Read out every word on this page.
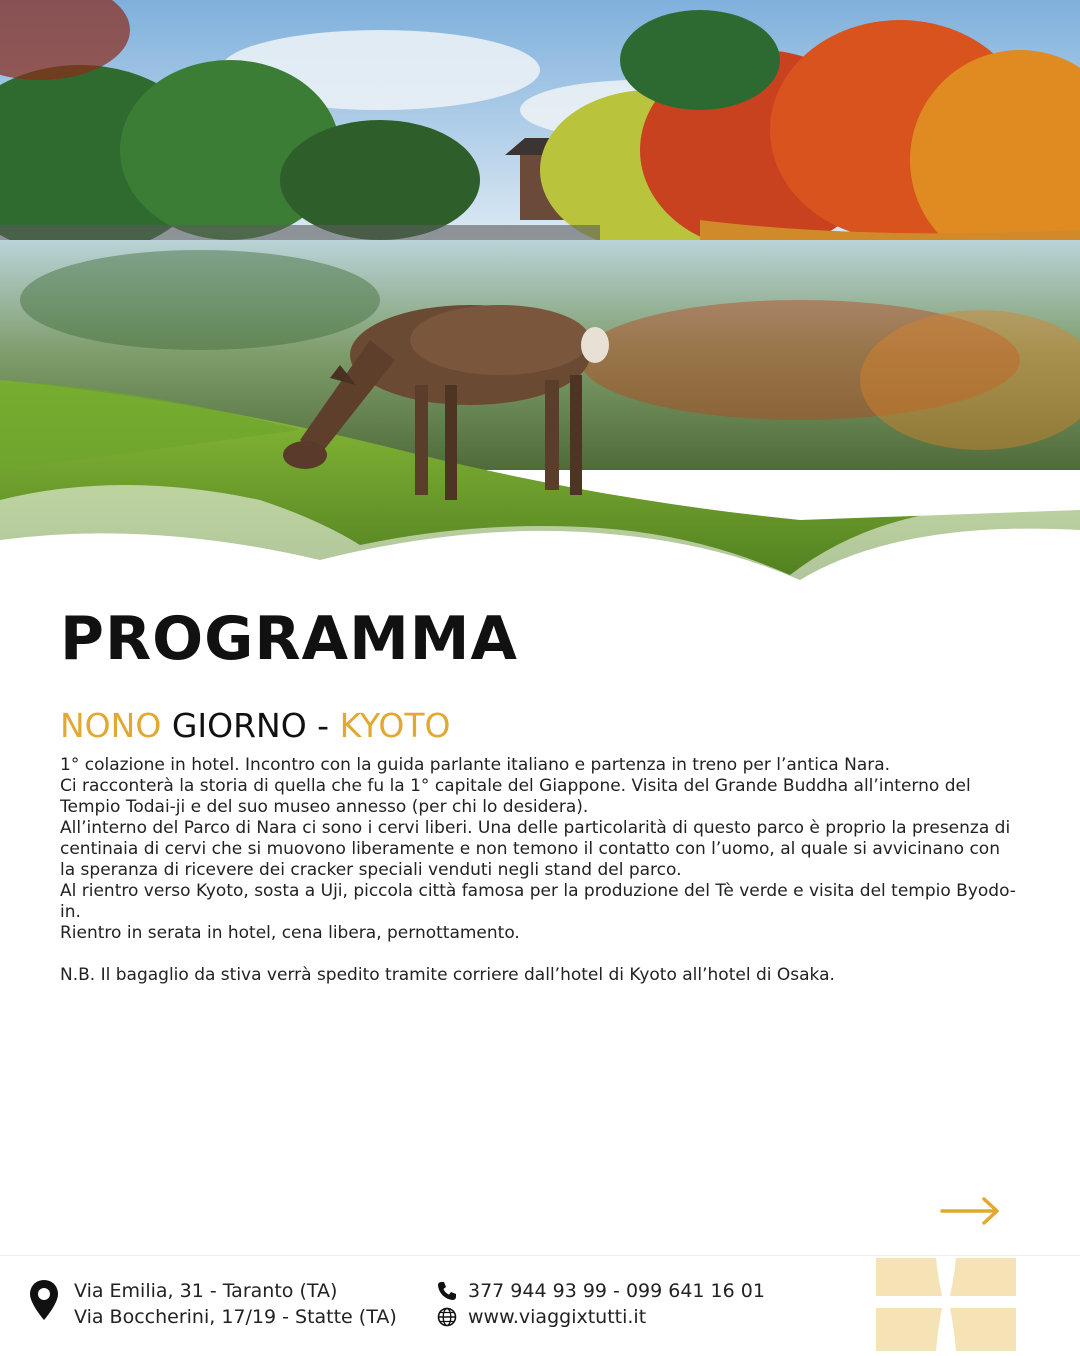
PROGRAMMA
NONO GIORNO - KYOTO

1° colazione in hotel. Incontro con la guida parlante italiano e partenza in treno per l’antica Nara.

Ci racconterà la storia di quella che fu la 1° capitale del Giappone. Visita del Grande Buddha all’interno del Tempio Todai-ji e del suo museo annesso (per chi lo desidera).

All’interno del Parco di Nara ci sono i cervi liberi. Una delle particolarità di questo parco è proprio la presenza di centinaia di cervi che si muovono liberamente e non temono il contatto con l’uomo, al quale si avvicinano con la speranza di ricevere dei cracker speciali venduti negli stand del parco.

Al rientro verso Kyoto, sosta a Uji, piccola città famosa per la produzione del Tè verde e visita del tempio Byodo-in.

Rientro in serata in hotel, cena libera, pernottamento.

N.B. Il bagaglio da stiva verrà spedito tramite corriere dall’hotel di Kyoto all’hotel di Osaka.

Via Emilia, 31 - Taranto (TA)
Via Boccherini, 17/19 - Statte (TA)
377 944 93 99 - 099 641 16 01
www.viaggixtutti.it
